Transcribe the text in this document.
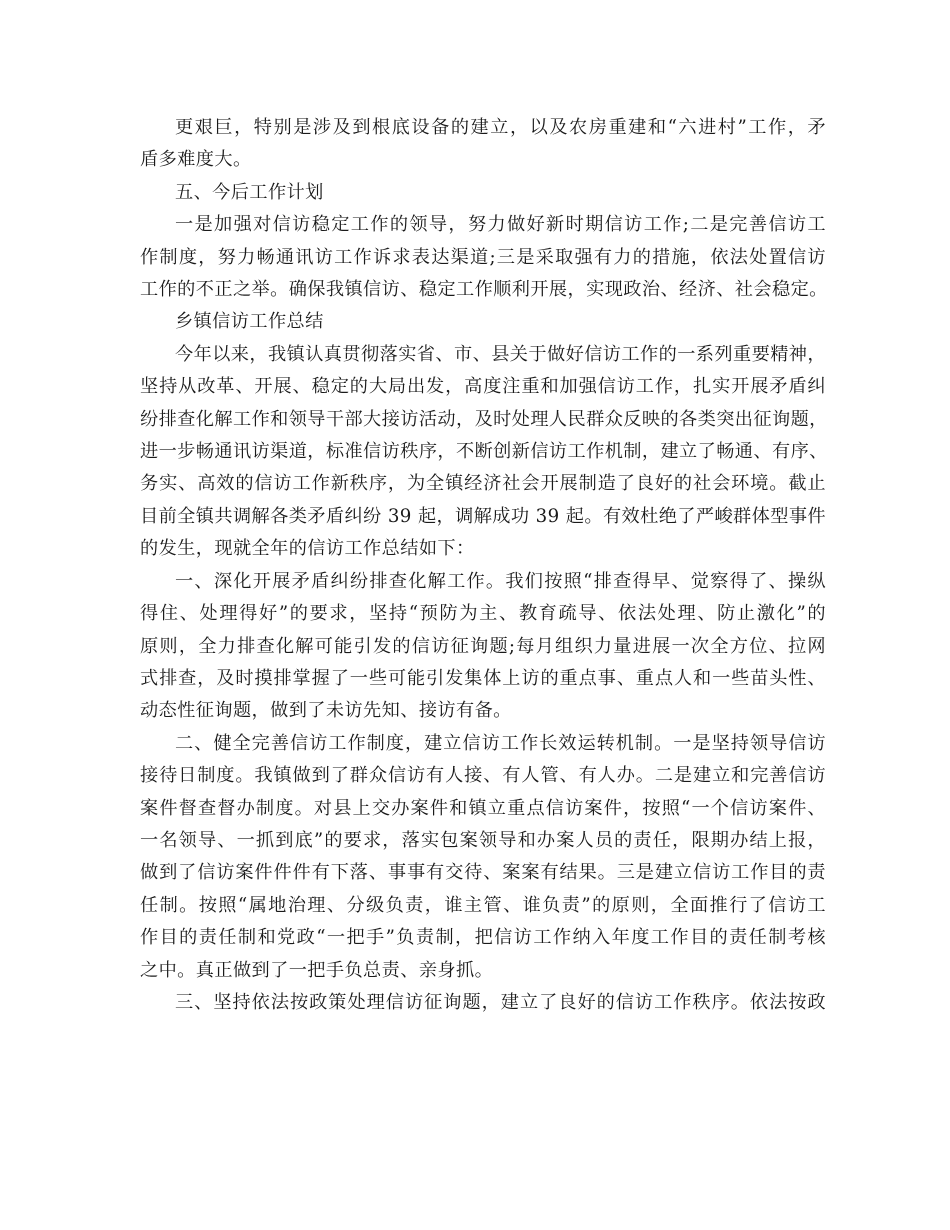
更艰巨，特别是涉及到根底设备的建立，以及农房重建和“六进村”工作，矛
盾多难度大。
五、今后工作计划
一是加强对信访稳定工作的领导，努力做好新时期信访工作;二是完善信访工
作制度，努力畅通讯访工作诉求表达渠道;三是采取强有力的措施，依法处置信访
工作的不正之举。确保我镇信访、稳定工作顺利开展，实现政治、经济、社会稳定。
乡镇信访工作总结
今年以来，我镇认真贯彻落实省、市、县关于做好信访工作的一系列重要精神，
坚持从改革、开展、稳定的大局出发，高度注重和加强信访工作，扎实开展矛盾纠
纷排查化解工作和领导干部大接访活动，及时处理人民群众反映的各类突出征询题，
进一步畅通讯访渠道，标准信访秩序，不断创新信访工作机制，建立了畅通、有序、
务实、高效的信访工作新秩序，为全镇经济社会开展制造了良好的社会环境。截止
目前全镇共调解各类矛盾纠纷 39 起，调解成功 39 起。有效杜绝了严峻群体型事件
的发生，现就全年的信访工作总结如下：
一、深化开展矛盾纠纷排查化解工作。我们按照“排查得早、觉察得了、操纵
得住、处理得好”的要求，坚持“预防为主、教育疏导、依法处理、防止激化”的
原则，全力排查化解可能引发的信访征询题;每月组织力量进展一次全方位、拉网
式排查，及时摸排掌握了一些可能引发集体上访的重点事、重点人和一些苗头性、
动态性征询题，做到了未访先知、接访有备。
二、健全完善信访工作制度，建立信访工作长效运转机制。一是坚持领导信访
接待日制度。我镇做到了群众信访有人接、有人管、有人办。二是建立和完善信访
案件督查督办制度。对县上交办案件和镇立重点信访案件，按照“一个信访案件、
一名领导、一抓到底”的要求，落实包案领导和办案人员的责任，限期办结上报，
做到了信访案件件件有下落、事事有交待、案案有结果。三是建立信访工作目的责
任制。按照“属地治理、分级负责，谁主管、谁负责”的原则，全面推行了信访工
作目的责任制和党政“一把手”负责制，把信访工作纳入年度工作目的责任制考核
之中。真正做到了一把手负总责、亲身抓。
三、坚持依法按政策处理信访征询题，建立了良好的信访工作秩序。依法按政
